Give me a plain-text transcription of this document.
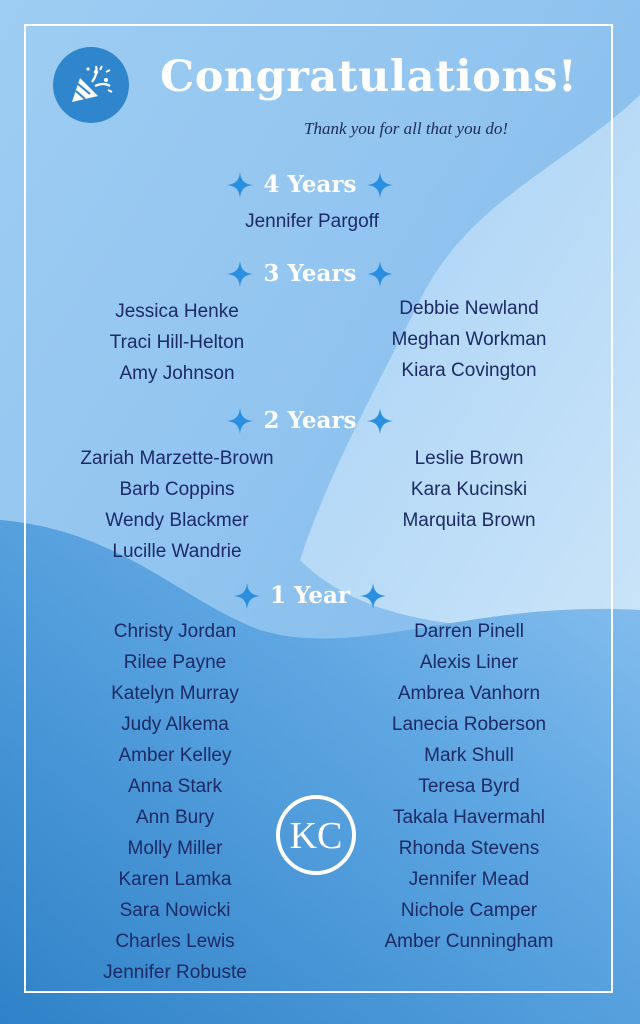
Congratulations!
Thank you for all that you do!
4 Years
Jennifer Pargoff
3 Years
Jessica Henke
Traci Hill-Helton
Amy Johnson
Debbie Newland
Meghan Workman
Kiara Covington
2 Years
Zariah Marzette-Brown
Barb Coppins
Wendy Blackmer
Lucille Wandrie
Leslie Brown
Kara Kucinski
Marquita Brown
1 Year
Christy Jordan
Rilee Payne
Katelyn Murray
Judy Alkema
Amber Kelley
Anna Stark
Ann Bury
Molly Miller
Karen Lamka
Sara Nowicki
Charles Lewis
Jennifer Robuste
Darren Pinell
Alexis Liner
Ambrea Vanhorn
Lanecia Roberson
Mark Shull
Teresa Byrd
Takala Havermahl
Rhonda Stevens
Jennifer Mead
Nichole Camper
Amber Cunningham
KC
